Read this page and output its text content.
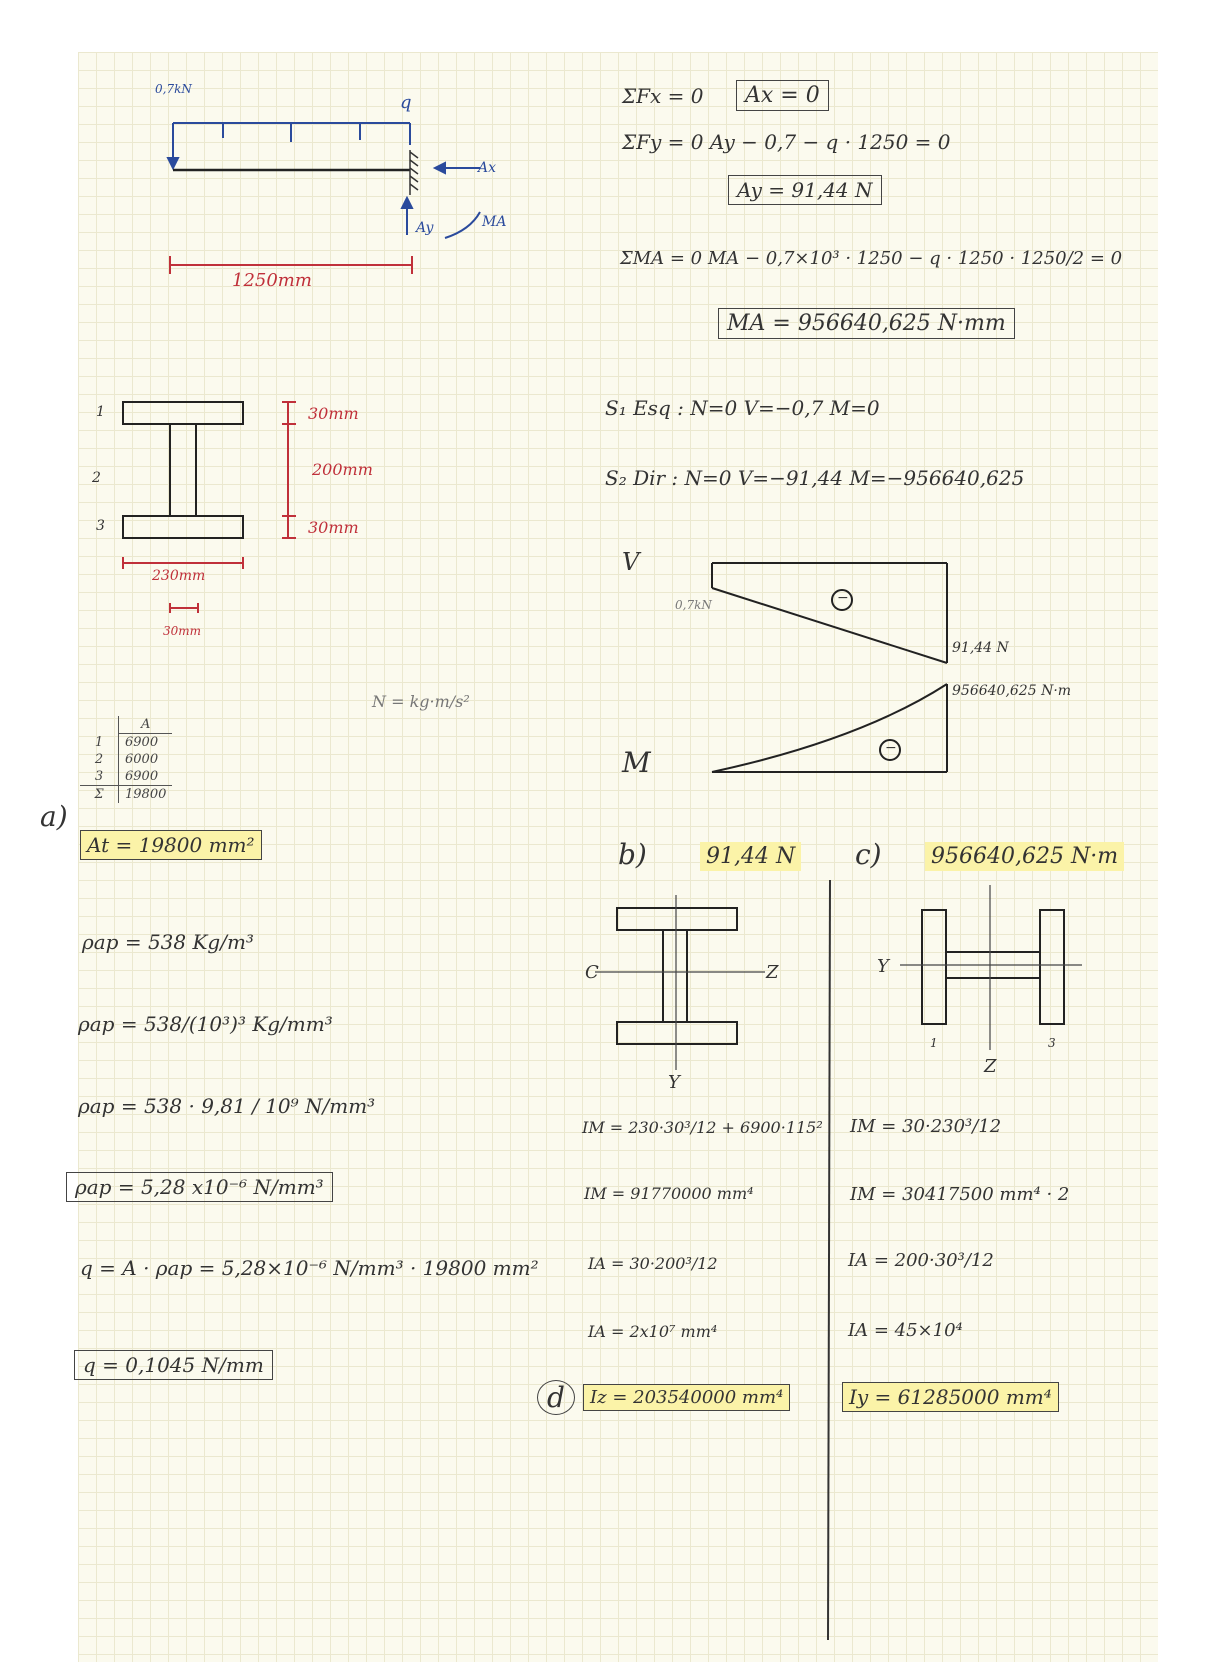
0,7kN
q
Ax
Ay	MA
1250mm
1
2
3
30mm
200mm
30mm
230mm
30mm
	A
1	6900
2	6000
3	6900
Σ	19800
N = kg·m/s²
a)
At = 19800 mm²
ρap = 538 Kg/m³
ρap = 538/(10³)³ Kg/mm³
ρap = 538 · 9,81 / 10⁹ N/mm³
ρap = 5,28 x10⁻⁶ N/mm³
q = A · ρap = 5,28×10⁻⁶ N/mm³ · 19800 mm²
q = 0,1045 N/mm
ΣFx = 0	Ax = 0
ΣFy = 0 Ay − 0,7 − q · 1250 = 0
Ay = 91,44 N
ΣMA = 0 MA − 0,7×10³ · 1250 − q · 1250 · 1250/2 = 0
MA = 956640,625 N·mm
S₁ Esq : N=0 V=−0,7 M=0
S₂ Dir : N=0 V=−91,44 M=−956640,625
V
0,7kN
91,44 N
−
M
956640,625 N·m
−
b)	91,44 N c) 956640,625 N·m
C	Z
Y
Y
Z
1	3
IM = 230·30³/12 + 6900·115²
IM = 91770000 mm⁴
IA = 30·200³/12
IA = 2x10⁷ mm⁴
d	Iz = 203540000 mm⁴
IM = 30·230³/12
IM = 30417500 mm⁴ · 2
IA = 200·30³/12
IA = 45×10⁴
Iy = 61285000 mm⁴
